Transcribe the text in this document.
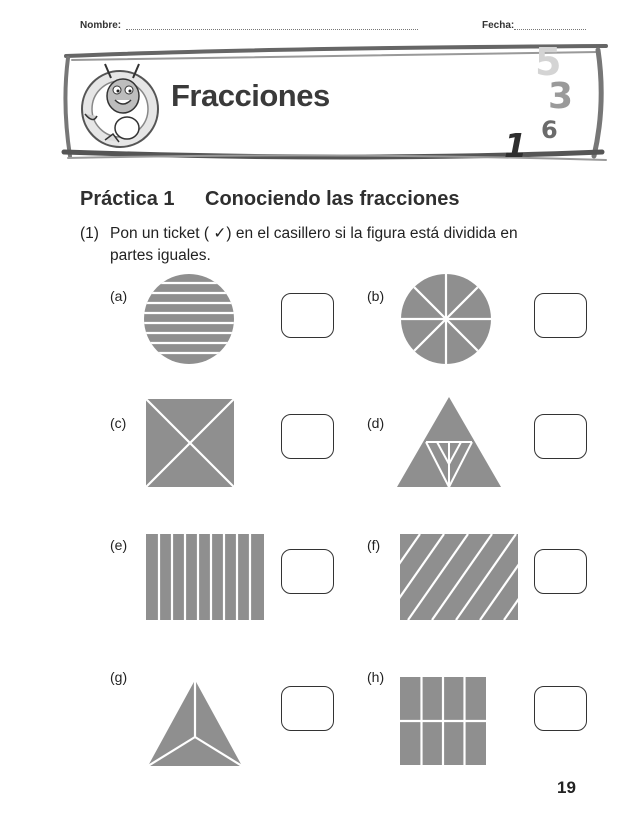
Nombre:	Fecha:
Fracciones
5
3
6
1
Práctica 1 Conociendo las fracciones
(1) Pon un ticket ( ✓) en el casillero si la figura está dividida en partes iguales.
(a)	(b)
(c)	(d)
(e)	(f)
(g)	(h)
19
